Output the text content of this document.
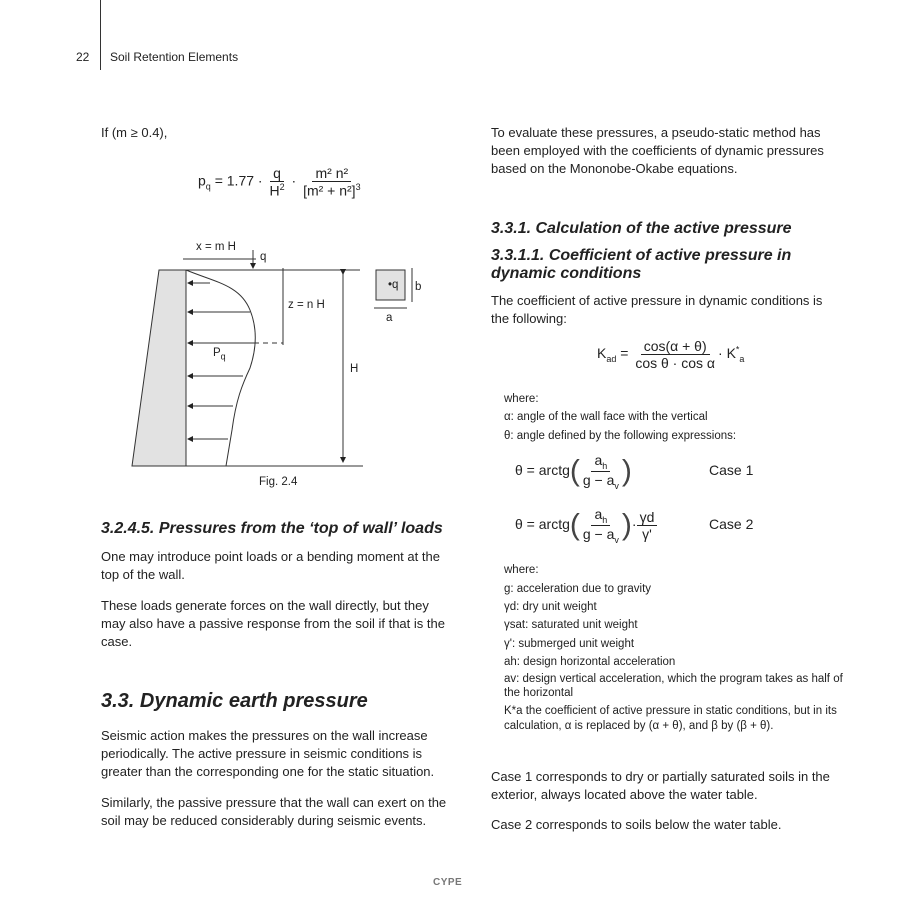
22 Soil Retention Elements
If (m ≥ 0.4),
$p_q = 1.77 \cdot \frac{q}{H^2} \cdot \frac{\text{m² n²}}{[m^2 + n^2]^3}$
x = m H
q
z = n H
H
$P_q$
•q b
a
Fig. 2.4
3.2.4.5. Pressures from the ‘top of wall’ loads
One may introduce point loads or a bending moment at the top of the wall.
These loads generate forces on the wall directly, but they may also have a passive response from the soil if that is the case.
3.3. Dynamic earth pressure
Seismic action makes the pressures on the wall increase periodically. The active pressure in seismic conditions is greater than the corresponding one for the static situation.
Similarly, the passive pressure that the wall can exert on the soil may be reduced considerably during seismic events.
To evaluate these pressures, a pseudo-static method has been employed with the coefficients of dynamic pressures based on the Mononobe-Okabe equations.
3.3.1. Calculation of the active pressure
3.3.1.1. Coefficient of active pressure in dynamic conditions
The coefficient of active pressure in dynamic conditions is the following:
$K_{ad} = \frac{\cos(\alpha + \theta)}{\text{cos θ · cos α}} \cdot K^*_a$
where:
α: angle of the wall face with the vertical
θ: angle defined by the following expressions:
θ = arctg( $\frac{a_h}{g - a_v}$ )	Case 1
θ = arctg( $\frac{a_h}{g - a_v}$ )· $\frac{\gamma d}{\gamma'}$	Case 2
where:
g: acceleration due to gravity
γd: dry unit weight
γsat: saturated unit weight
γ': submerged unit weight
ah: design horizontal acceleration
av: design vertical acceleration, which the program takes as half of the horizontal
K*a the coefficient of active pressure in static conditions, but in its calculation, α is replaced by (α + θ), and β by (β + θ).
Case 1 corresponds to dry or partially saturated soils in the exterior, always located above the water table.
Case 2 corresponds to soils below the water table.
CYPE
